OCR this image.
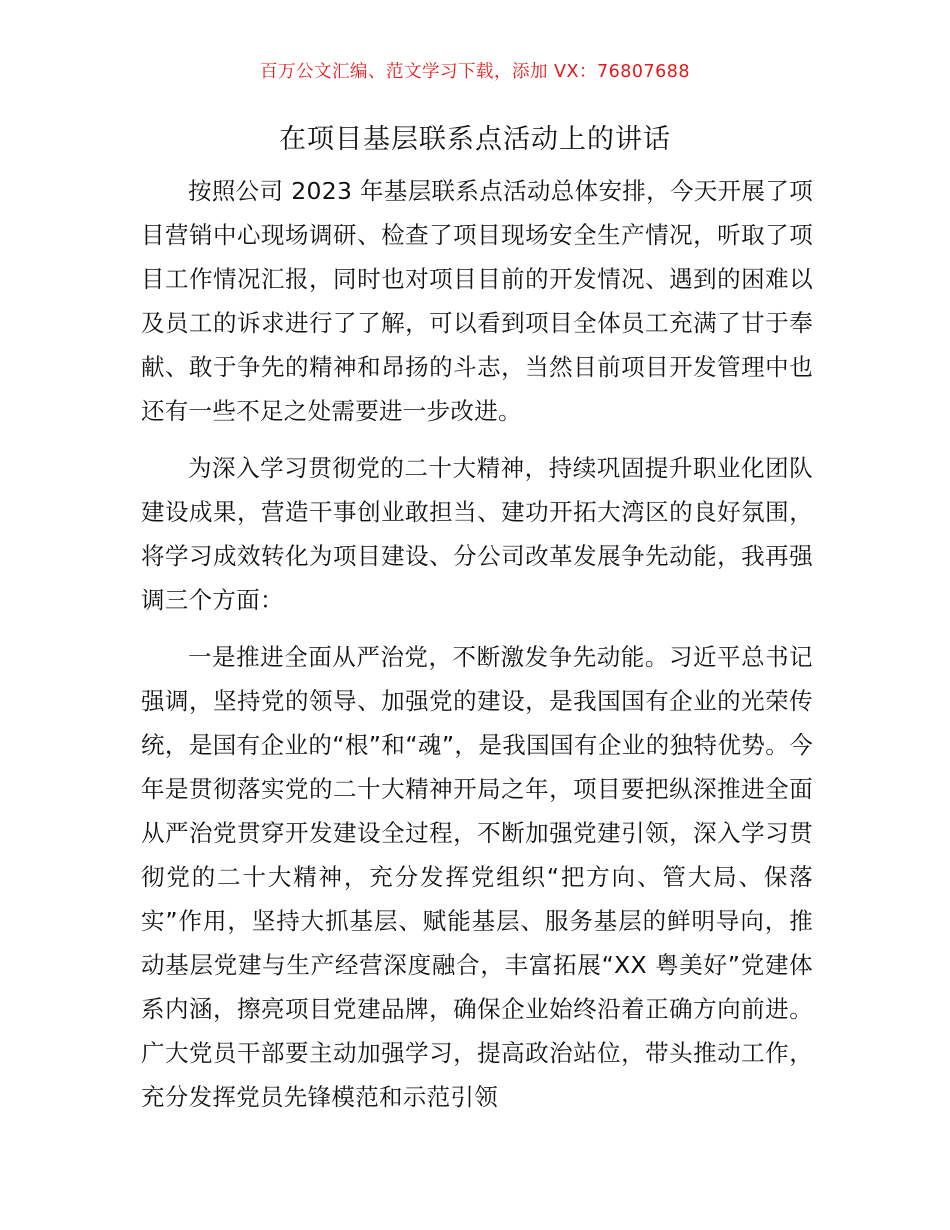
百万公文汇编、范文学习下载，添加 VX：76807688
在项目基层联系点活动上的讲话

按照公司 2023 年基层联系点活动总体安排，今天开展了项目营销中心现场调研、检查了项目现场安全生产情况，听取了项目工作情况汇报，同时也对项目目前的开发情况、遇到的困难以及员工的诉求进行了了解，可以看到项目全体员工充满了甘于奉献、敢于争先的精神和昂扬的斗志，当然目前项目开发管理中也还有一些不足之处需要进一步改进。

为深入学习贯彻党的二十大精神，持续巩固提升职业化团队建设成果，营造干事创业敢担当、建功开拓大湾区的良好氛围，将学习成效转化为项目建设、分公司改革发展争先动能，我再强调三个方面：

一是推进全面从严治党，不断激发争先动能。习近平总书记强调，坚持党的领导、加强党的建设，是我国国有企业的光荣传统，是国有企业的“根”和“魂”，是我国国有企业的独特优势。今年是贯彻落实党的二十大精神开局之年，项目要把纵深推进全面从严治党贯穿开发建设全过程，不断加强党建引领，深入学习贯彻党的二十大精神，充分发挥党组织“把方向、管大局、保落实”作用，坚持大抓基层、赋能基层、服务基层的鲜明导向，推动基层党建与生产经营深度融合，丰富拓展“XX 粤美好”党建体系内涵，擦亮项目党建品牌，确保企业始终沿着正确方向前进。广大党员干部要主动加强学习，提高政治站位，带头推动工作，充分发挥党员先锋模范和示范引领
